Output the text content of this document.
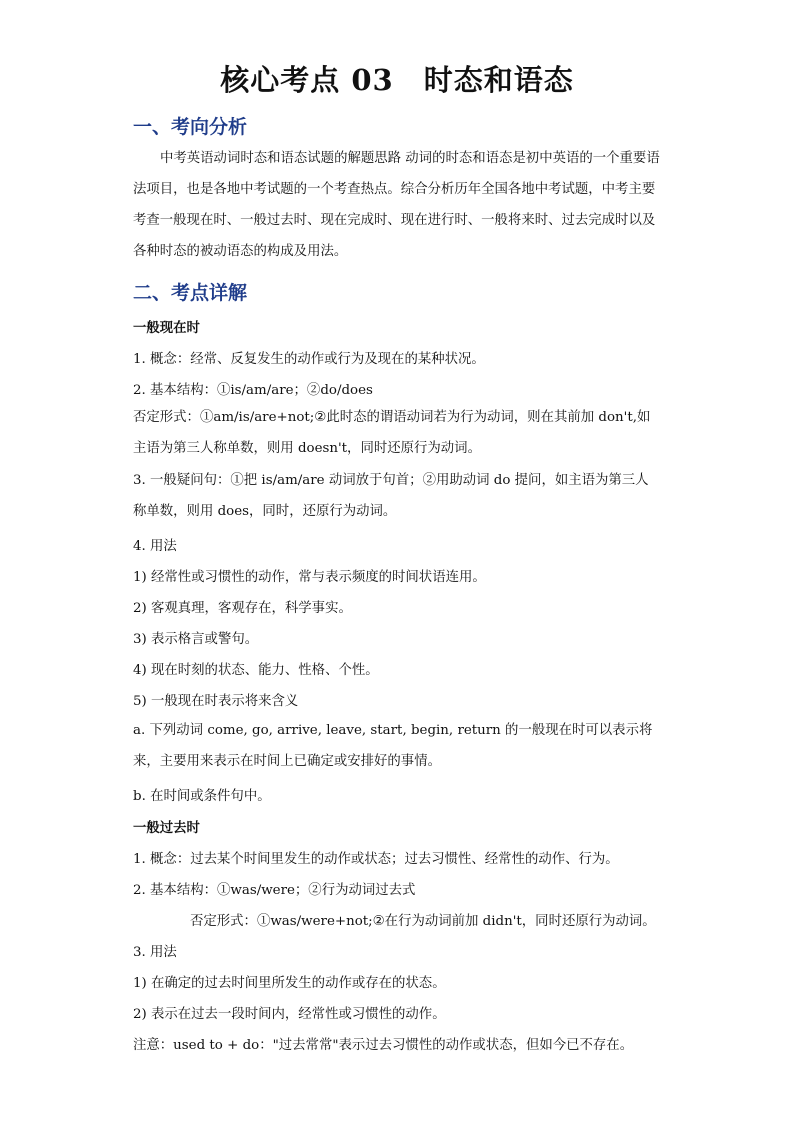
核心考点 03　时态和语态
一、考向分析

中考英语动词时态和语态试题的解题思路 动词的时态和语态是初中英语的一个重要语法项目，也是各地中考试题的一个考查热点。综合分析历年全国各地中考试题，中考主要考查一般现在时、一般过去时、现在完成时、现在进行时、一般将来时、过去完成时以及各种时态的被动语态的构成及用法。

二、考点详解
一般现在时
1. 概念：经常、反复发生的动作或行为及现在的某种状况。
2. 基本结构：①is/am/are；②do/does

否定形式：①am/is/are+not;②此时态的谓语动词若为行为动词，则在其前加 don't,如主语为第三人称单数，则用 doesn't，同时还原行为动词。

3. 一般疑问句：①把 is/am/are 动词放于句首；②用助动词 do 提问，如主语为第三人称单数，则用 does，同时，还原行为动词。

4. 用法
1) 经常性或习惯性的动作，常与表示频度的时间状语连用。
2) 客观真理，客观存在，科学事实。
3) 表示格言或警句。
4) 现在时刻的状态、能力、性格、个性。
5) 一般现在时表示将来含义

a. 下列动词 come, go, arrive, leave, start, begin, return 的一般现在时可以表示将来，主要用来表示在时间上已确定或安排好的事情。

b. 在时间或条件句中。
一般过去时
1. 概念：过去某个时间里发生的动作或状态；过去习惯性、经常性的动作、行为。
2. 基本结构：①was/were；②行为动词过去式
否定形式：①was/were+not;②在行为动词前加 didn't，同时还原行为动词。
3. 用法
1) 在确定的过去时间里所发生的动作或存在的状态。
2) 表示在过去一段时间内，经常性或习惯性的动作。
注意：used to + do："过去常常"表示过去习惯性的动作或状态，但如今已不存在。
